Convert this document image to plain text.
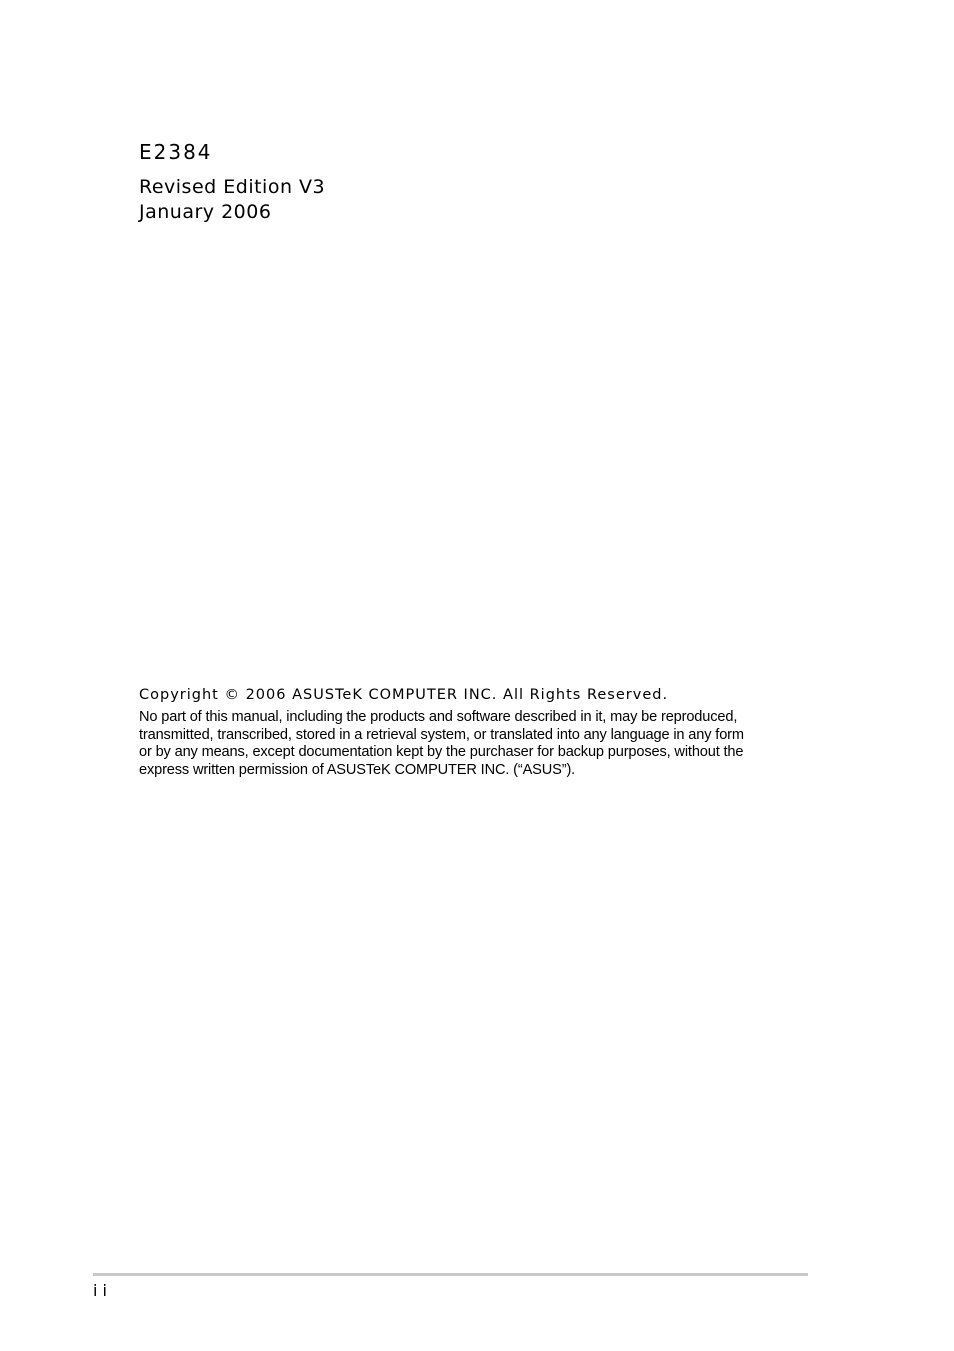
E2384
Revised Edition V3
January 2006
Copyright © 2006 ASUSTeK COMPUTER INC. All Rights Reserved.

No part of this manual, including the products and software described in it, may be reproduced,
transmitted, transcribed, stored in a retrieval system, or translated into any language in any form
or by any means, except documentation kept by the purchaser for backup purposes, without the
express written permission of ASUSTeK COMPUTER INC. (“ASUS”).

ii
